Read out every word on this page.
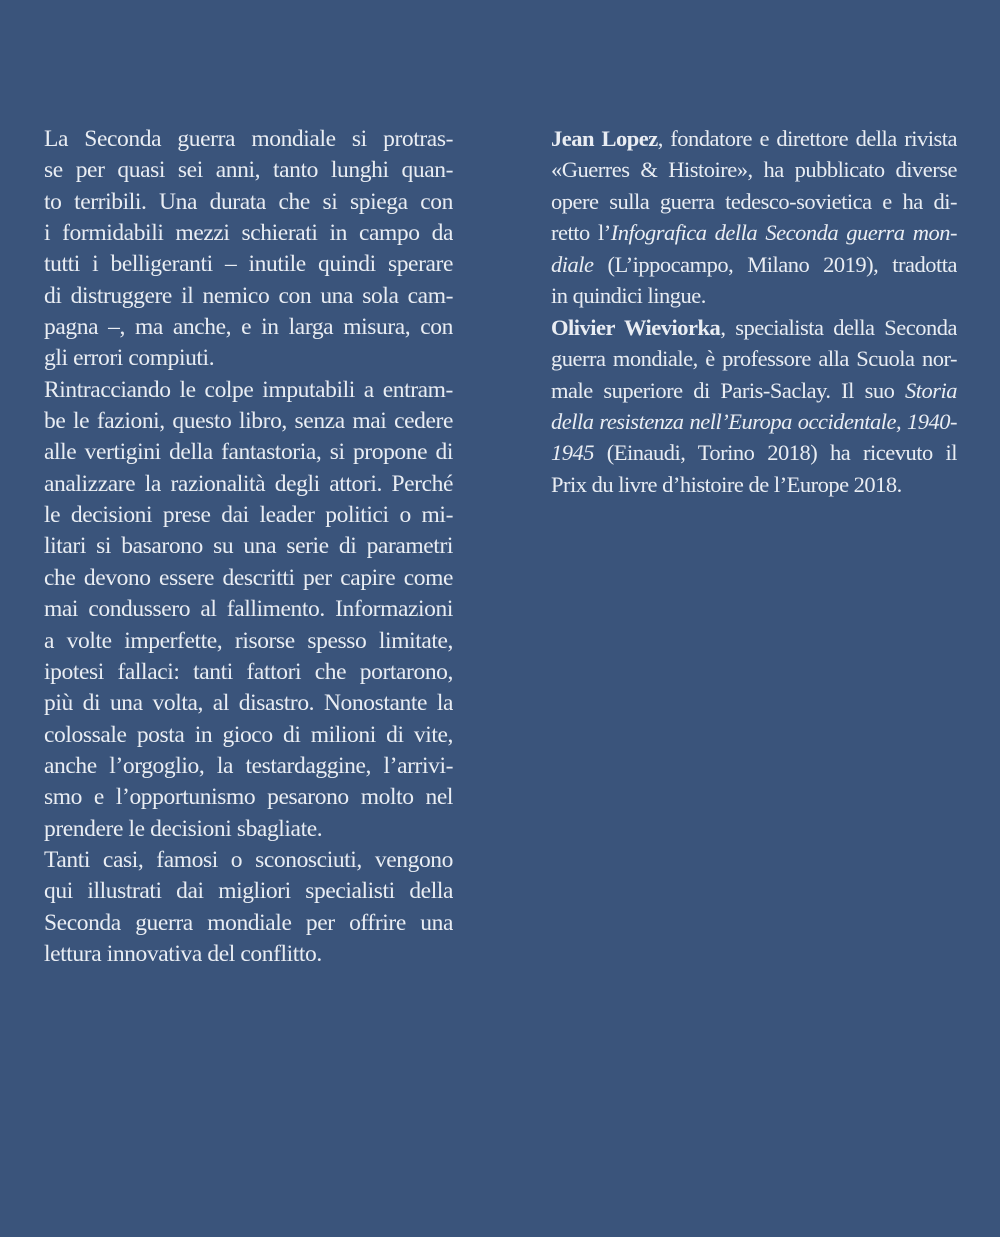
La Seconda guerra mondiale si protras-
se per quasi sei anni, tanto lunghi quan-
to terribili. Una durata che si spiega con
i formidabili mezzi schierati in campo da
tutti i belligeranti – inutile quindi sperare
di distruggere il nemico con una sola cam-
pagna –, ma anche, e in larga misura, con
gli errori compiuti.
Rintracciando le colpe imputabili a entram-
be le fazioni, questo libro, senza mai cedere
alle vertigini della fantastoria, si propone di
analizzare la razionalità degli attori. Perché
le decisioni prese dai leader politici o mi-
litari si basarono su una serie di parametri
che devono essere descritti per capire come
mai condussero al fallimento. Informazioni
a volte imperfette, risorse spesso limitate,
ipotesi fallaci: tanti fattori che portarono,
più di una volta, al disastro. Nonostante la
colossale posta in gioco di milioni di vite,
anche l’orgoglio, la testardaggine, l’arrivi-
smo e l’opportunismo pesarono molto nel
prendere le decisioni sbagliate.
Tanti casi, famosi o sconosciuti, vengono
qui illustrati dai migliori specialisti della
Seconda guerra mondiale per offrire una
lettura innovativa del conflitto.
Jean Lopez, fondatore e direttore della rivista
«Guerres & Histoire», ha pubblicato diverse
opere sulla guerra tedesco-sovietica e ha di-
retto l’Infografica della Seconda guerra mon-
diale (L’ippocampo, Milano 2019), tradotta
in quindici lingue.
Olivier Wieviorka, specialista della Seconda
guerra mondiale, è professore alla Scuola nor-
male superiore di Paris-Saclay. Il suo Storia
della resistenza nell’Europa occidentale, 1940-
1945 (Einaudi, Torino 2018) ha ricevuto il
Prix du livre d’histoire de l’Europe 2018.
